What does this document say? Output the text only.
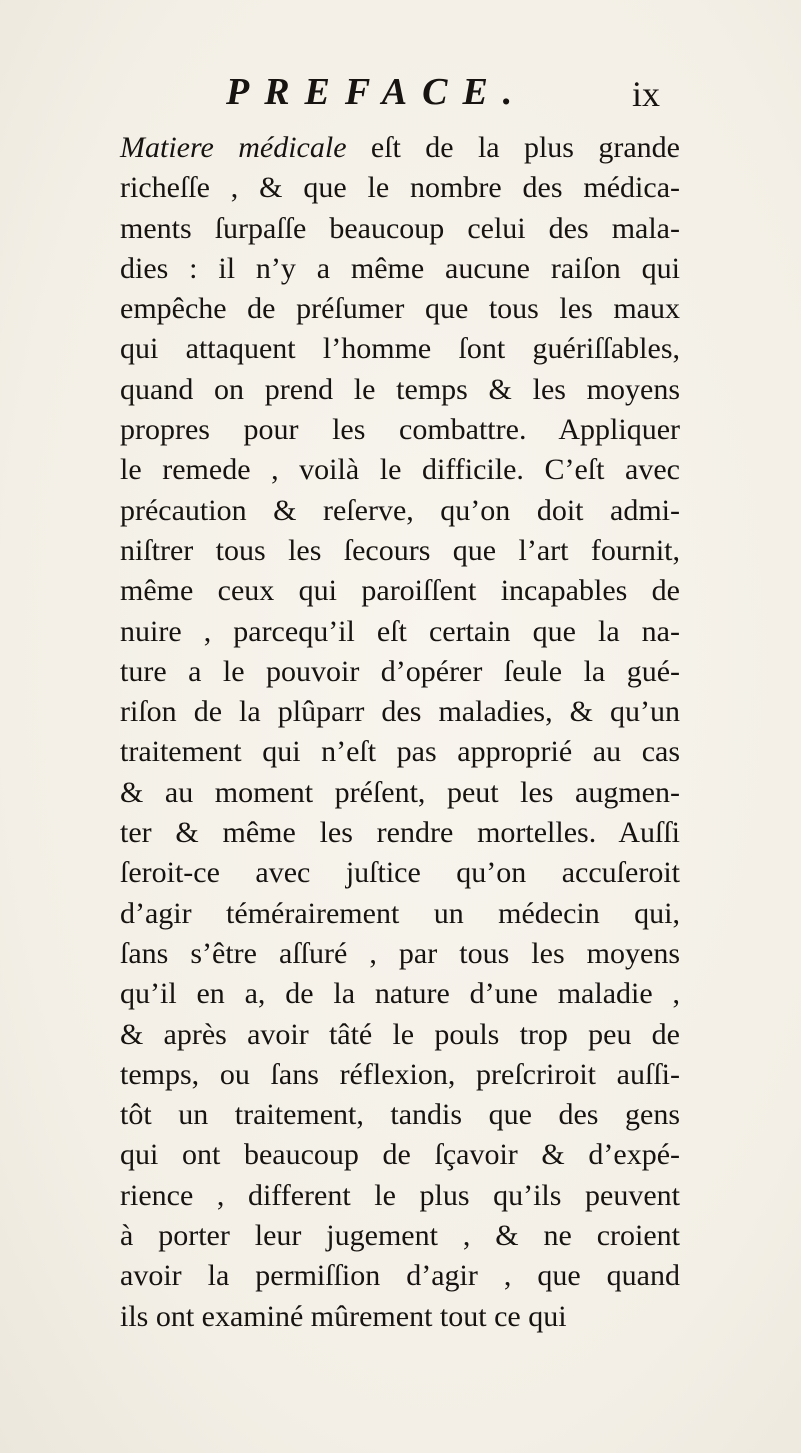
PREFACE.	ix
Matiere médicale eſt de la plus grande
richeſſe , & que le nombre des médica-
ments ſurpaſſe beaucoup celui des mala-
dies : il n’y a même aucune raiſon qui
empêche de préſumer que tous les maux
qui attaquent l’homme ſont guériſſables,
quand on prend le temps & les moyens
propres pour les combattre. Appliquer
le remede , voilà le difficile. C’eſt avec
précaution & reſerve, qu’on doit admi-
niſtrer tous les ſecours que l’art fournit,
même ceux qui paroiſſent incapables de
nuire , parcequ’il eſt certain que la na-
ture a le pouvoir d’opérer ſeule la gué-
riſon de la plûparr des maladies, & qu’un
traitement qui n’eſt pas approprié au cas
& au moment préſent, peut les augmen-
ter & même les rendre mortelles. Auſſi
ſeroit-ce avec juſtice qu’on accuſeroit
d’agir témérairement un médecin qui,
ſans s’être aſſuré , par tous les moyens
qu’il en a, de la nature d’une maladie ,
& après avoir tâté le pouls trop peu de
temps, ou ſans réflexion, preſcriroit auſſi-
tôt un traitement, tandis que des gens
qui ont beaucoup de ſçavoir & d’expé-
rience , different le plus qu’ils peuvent
à porter leur jugement , & ne croient
avoir la permiſſion d’agir , que quand
ils ont examiné mûrement tout ce qui
